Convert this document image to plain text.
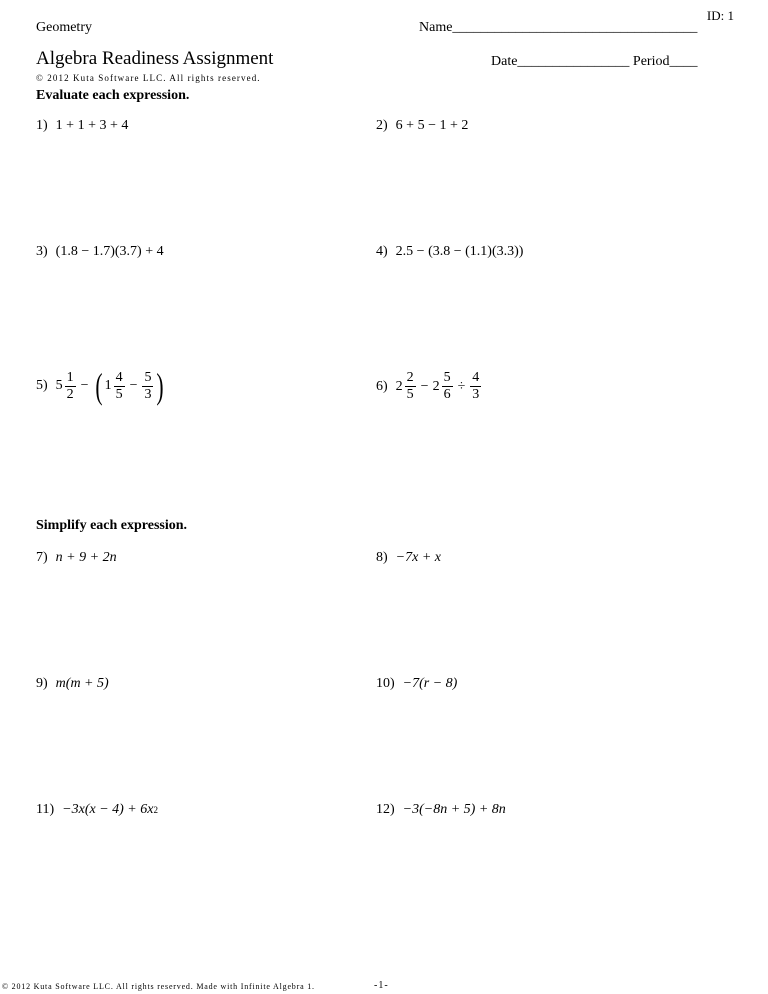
ID: 1
Geometry	Name___________________________________
Algebra Readiness Assignment	Date________________ Period____
© 2012 Kuta Software LLC. All rights reserved.
Evaluate each expression.
1) 1 + 1 + 3 + 4	2) 6 + 5 − 1 + 2
3) (1.8 − 1.7)(3.7) + 4	4) 2.5 − (3.8 − (1.1)(3.3))
5) $5 \frac{1}{2}$ − ( $1 \frac{4}{5} - \frac{5}{3}$ )	6) $2 \frac{2}{5} - 2 \frac{5}{6} \div \frac{4}{3}$
Simplify each expression.
7) n + 9 + 2n	8) −7x + x
9) m(m + 5)	10) −7(r − 8)
11) −3x(x − 4) + 6x 2	12) −3(−8n + 5) + 8n
© 2012 Kuta Software LLC. All rights reserved. Made with Infinite Algebra 1.	-1-
